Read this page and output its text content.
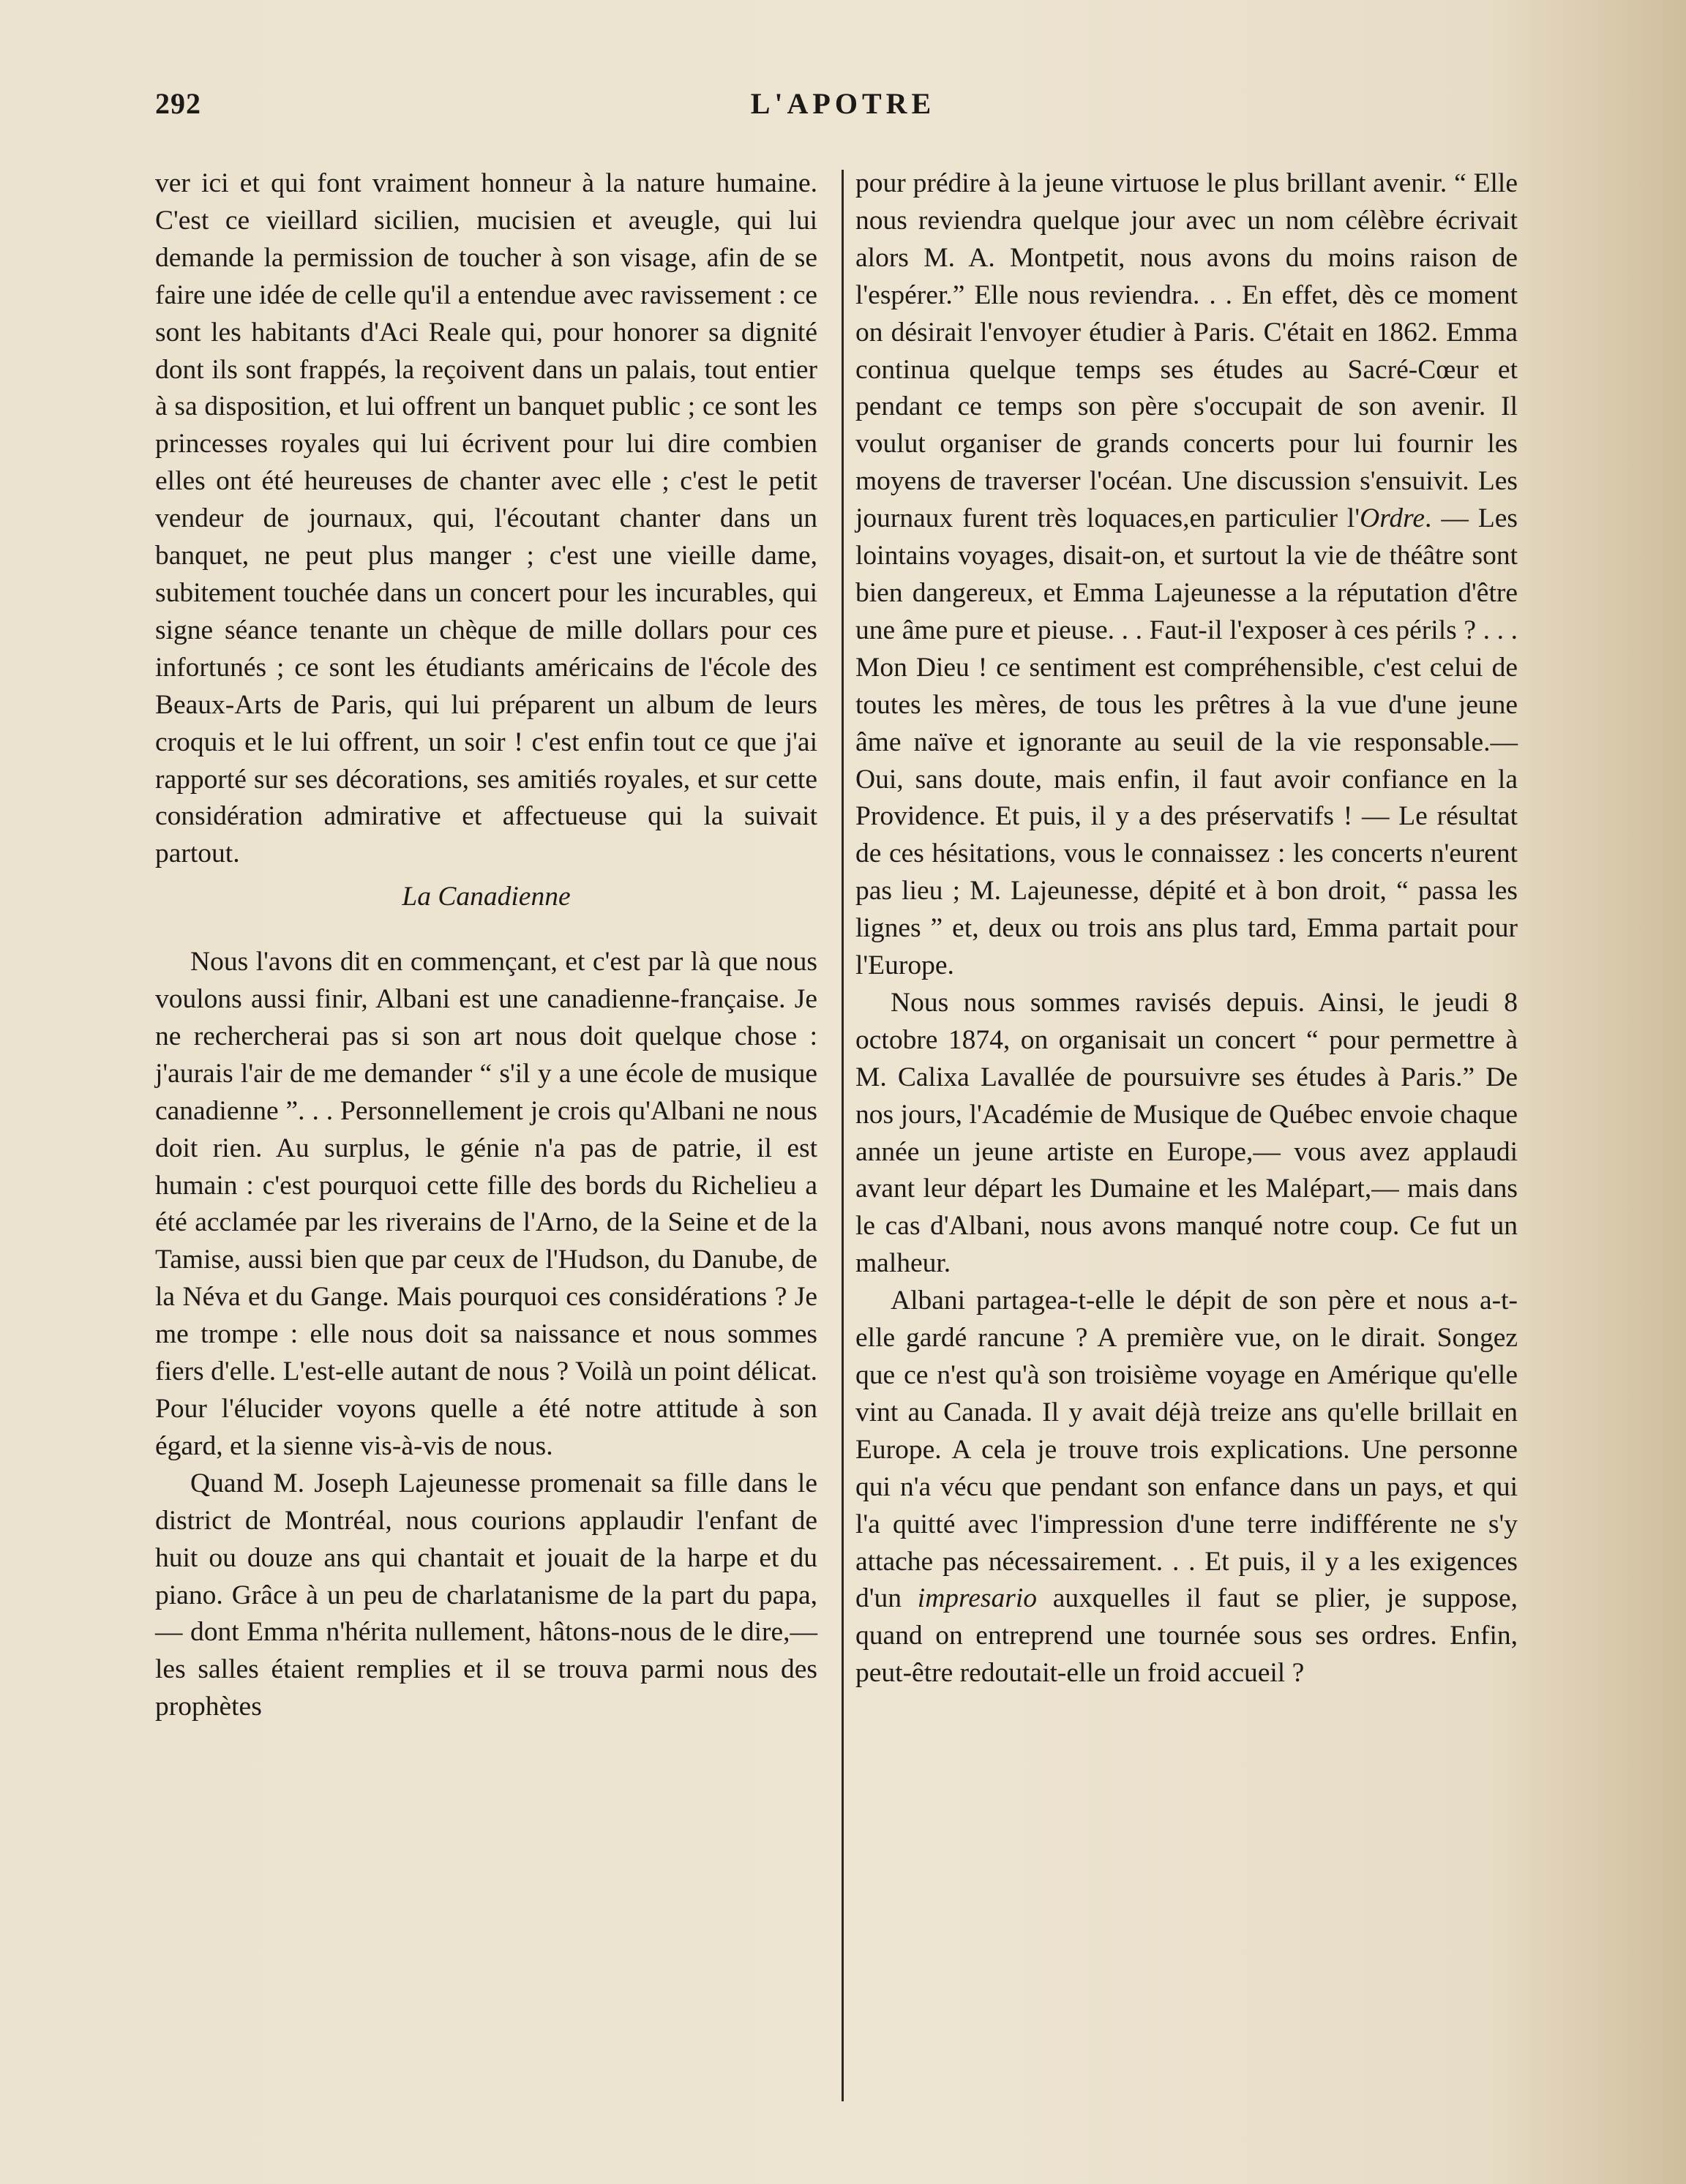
292	L'APOTRE

ver ici et qui font vraiment honneur à la nature humaine. C'est ce vieillard sicilien, mucisien et aveugle, qui lui demande la permission de toucher à son visage, afin de se faire une idée de celle qu'il a entendue avec ravissement : ce sont les habitants d'Aci Reale qui, pour honorer sa dignité dont ils sont frappés, la reçoivent dans un palais, tout entier à sa disposition, et lui offrent un banquet public ; ce sont les princesses royales qui lui écrivent pour lui dire combien elles ont été heureuses de chanter avec elle ; c'est le petit vendeur de journaux, qui, l'écoutant chanter dans un banquet, ne peut plus manger ; c'est une vieille dame, subitement touchée dans un concert pour les incurables, qui signe séance tenante un chèque de mille dollars pour ces infortunés ; ce sont les étudiants américains de l'école des Beaux-Arts de Paris, qui lui préparent un album de leurs croquis et le lui offrent, un soir ! c'est enfin tout ce que j'ai rapporté sur ses décorations, ses amitiés royales, et sur cette considération admirative et affectueuse qui la suivait partout.

La Canadienne

Nous l'avons dit en commençant, et c'est par là que nous voulons aussi finir, Albani est une canadienne-française. Je ne rechercherai pas si son art nous doit quelque chose : j'aurais l'air de me demander “ s'il y a une école de musique canadienne ”. . . Personnellement je crois qu'Albani ne nous doit rien. Au surplus, le génie n'a pas de patrie, il est humain : c'est pourquoi cette fille des bords du Richelieu a été acclamée par les riverains de l'Arno, de la Seine et de la Tamise, aussi bien que par ceux de l'Hudson, du Danube, de la Néva et du Gange. Mais pourquoi ces considérations ? Je me trompe : elle nous doit sa naissance et nous sommes fiers d'elle. L'est-elle autant de nous ? Voilà un point délicat. Pour l'élucider voyons quelle a été notre attitude à son égard, et la sienne vis-à-vis de nous.

Quand M. Joseph Lajeunesse promenait sa fille dans le district de Montréal, nous courions applaudir l'enfant de huit ou douze ans qui chantait et jouait de la harpe et du piano. Grâce à un peu de charlatanisme de la part du papa,— dont Emma n'hérita nullement, hâtons-nous de le dire,— les salles étaient remplies et il se trouva parmi nous des prophètes

pour prédire à la jeune virtuose le plus brillant avenir. “ Elle nous reviendra quelque jour avec un nom célèbre écrivait alors M. A. Montpetit, nous avons du moins raison de l'espérer.” Elle nous reviendra. . . En effet, dès ce moment on désirait l'envoyer étudier à Paris. C'était en 1862. Emma continua quelque temps ses études au Sacré-Cœur et pendant ce temps son père s'occupait de son avenir. Il voulut organiser de grands concerts pour lui fournir les moyens de traverser l'océan. Une discussion s'ensuivit. Les journaux furent très loquaces,en particulier l'Ordre. — Les lointains voyages, disait-on, et surtout la vie de théâtre sont bien dangereux, et Emma Lajeunesse a la réputation d'être une âme pure et pieuse. . . Faut-il l'exposer à ces périls ? . . . Mon Dieu ! ce sentiment est compréhensible, c'est celui de toutes les mères, de tous les prêtres à la vue d'une jeune âme naïve et ignorante au seuil de la vie responsable.— Oui, sans doute, mais enfin, il faut avoir confiance en la Providence. Et puis, il y a des préservatifs ! — Le résultat de ces hésitations, vous le connaissez : les concerts n'eurent pas lieu ; M. Lajeunesse, dépité et à bon droit, “ passa les lignes ” et, deux ou trois ans plus tard, Emma partait pour l'Europe.

Nous nous sommes ravisés depuis. Ainsi, le jeudi 8 octobre 1874, on organisait un concert “ pour permettre à M. Calixa Lavallée de poursuivre ses études à Paris.” De nos jours, l'Académie de Musique de Québec envoie chaque année un jeune artiste en Europe,— vous avez applaudi avant leur départ les Dumaine et les Malépart,— mais dans le cas d'Albani, nous avons manqué notre coup. Ce fut un malheur.

Albani partagea-t-elle le dépit de son père et nous a-t-elle gardé rancune ? A première vue, on le dirait. Songez que ce n'est qu'à son troisième voyage en Amérique qu'elle vint au Canada. Il y avait déjà treize ans qu'elle brillait en Europe. A cela je trouve trois explications. Une personne qui n'a vécu que pendant son enfance dans un pays, et qui l'a quitté avec l'impression d'une terre indifférente ne s'y attache pas nécessairement. . . Et puis, il y a les exigences d'un impresario auxquelles il faut se plier, je suppose, quand on entreprend une tournée sous ses ordres. Enfin, peut-être redoutait-elle un froid accueil ?
